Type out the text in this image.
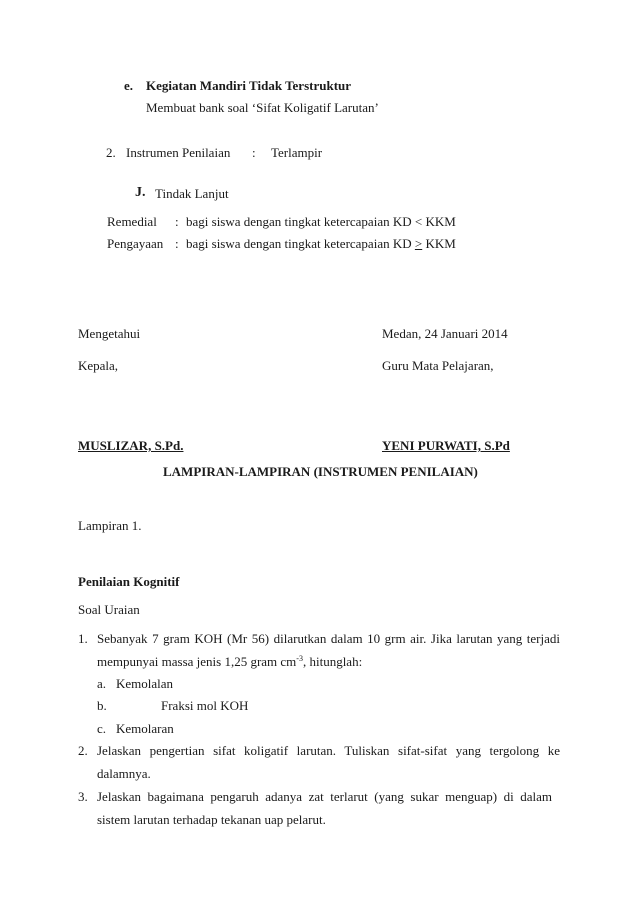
e. Kegiatan Mandiri Tidak Terstruktur
Membuat bank soal ‘Sifat Koligatif Larutan’
2. Instrumen Penilaian : Terlampir
J. Tindak Lanjut
Remedial : bagi siswa dengan tingkat ketercapaian KD < KKM
Pengayaan : bagi siswa dengan tingkat ketercapaian KD > KKM
Mengetahui	Medan, 24 Januari 2014
Kepala,	Guru Mata Pelajaran,
MUSLIZAR, S.Pd.	YENI PURWATI, S.Pd
LAMPIRAN-LAMPIRAN (INSTRUMEN PENILAIAN)
Lampiran 1.
Penilaian Kognitif
Soal Uraian
1. Sebanyak 7 gram KOH (Mr 56) dilarutkan dalam 10 grm air. Jika larutan yang terjadi
mempunyai massa jenis 1,25 gram $cm^{-3}$, hitunglah:
a. Kemolalan
b.	Fraksi mol KOH
c. Kemolaran
2. Jelaskan pengertian sifat koligatif larutan. Tuliskan sifat-sifat yang tergolong ke
dalamnya.
3. Jelaskan bagaimana pengaruh adanya zat terlarut (yang sukar menguap) di dalam
sistem larutan terhadap tekanan uap pelarut.
